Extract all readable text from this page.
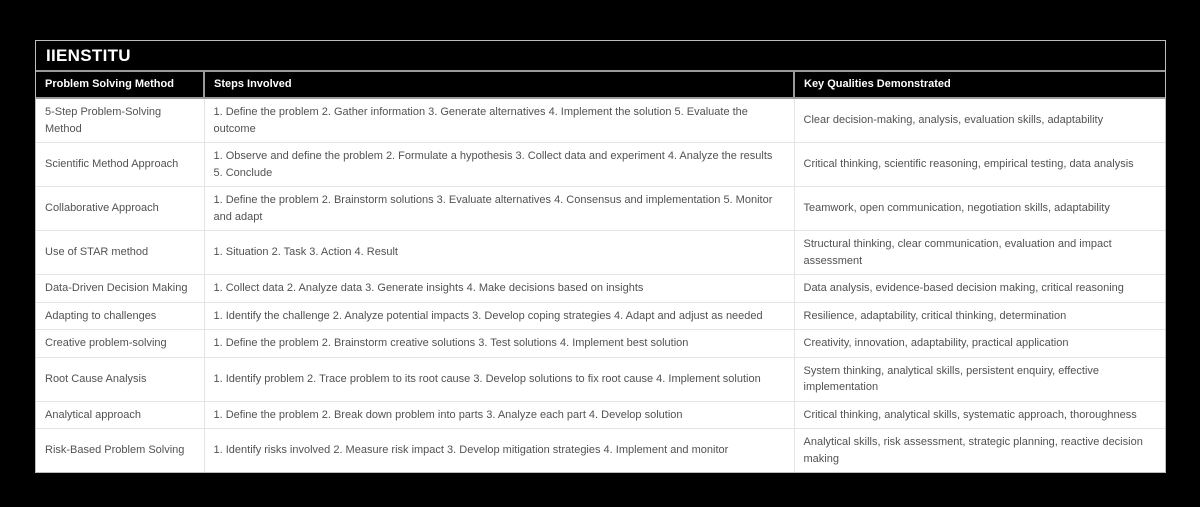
IIENSTITU
Problem Solving Method	Steps Involved	Key Qualities Demonstrated
5-Step Problem-Solving Method	1. Define the problem 2. Gather information 3. Generate alternatives 4. Implement the solution 5. Evaluate the outcome	Clear decision-making, analysis, evaluation skills, adaptability
Scientific Method Approach	1. Observe and define the problem 2. Formulate a hypothesis 3. Collect data and experiment 4. Analyze the results 5. Conclude	Critical thinking, scientific reasoning, empirical testing, data analysis
Collaborative Approach	1. Define the problem 2. Brainstorm solutions 3. Evaluate alternatives 4. Consensus and implementation 5. Monitor and adapt	Teamwork, open communication, negotiation skills, adaptability
Use of STAR method	1. Situation 2. Task 3. Action 4. Result	Structural thinking, clear communication, evaluation and impact assessment
Data-Driven Decision Making	1. Collect data 2. Analyze data 3. Generate insights 4. Make decisions based on insights	Data analysis, evidence-based decision making, critical reasoning
Adapting to challenges	1. Identify the challenge 2. Analyze potential impacts 3. Develop coping strategies 4. Adapt and adjust as needed	Resilience, adaptability, critical thinking, determination
Creative problem-solving	1. Define the problem 2. Brainstorm creative solutions 3. Test solutions 4. Implement best solution	Creativity, innovation, adaptability, practical application
Root Cause Analysis	1. Identify problem 2. Trace problem to its root cause 3. Develop solutions to fix root cause 4. Implement solution	System thinking, analytical skills, persistent enquiry, effective implementation
Analytical approach	1. Define the problem 2. Break down problem into parts 3. Analyze each part 4. Develop solution	Critical thinking, analytical skills, systematic approach, thoroughness
Risk-Based Problem Solving	1. Identify risks involved 2. Measure risk impact 3. Develop mitigation strategies 4. Implement and monitor	Analytical skills, risk assessment, strategic planning, reactive decision making
